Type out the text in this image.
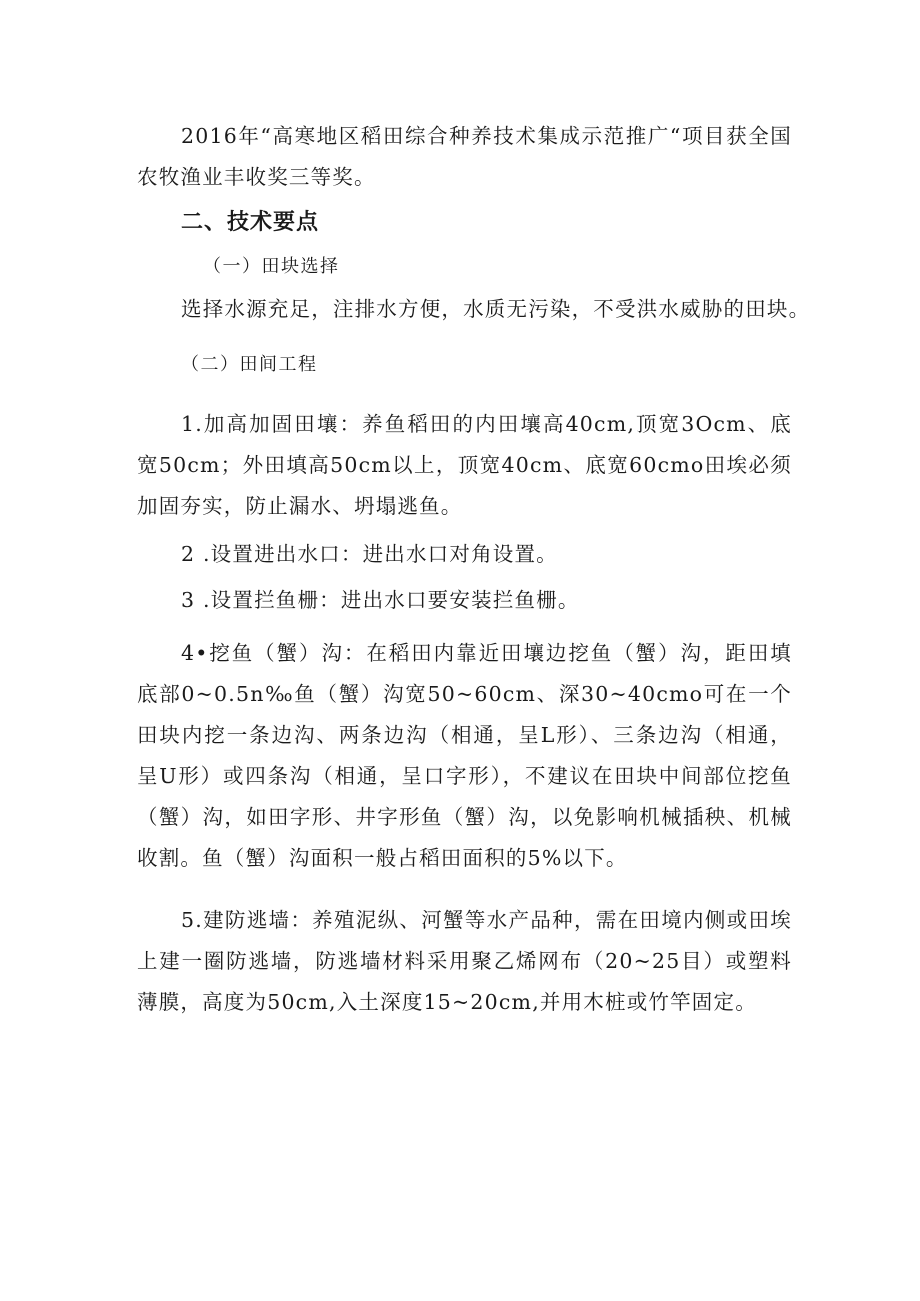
2016年“高寒地区稻田综合种养技术集成示范推广“项目获全国农牧渔业丰收奖三等奖。

二、技术要点
（一）田块选择
选择水源充足，注排水方便，水质无污染，不受洪水威胁的田块。
（二）田间工程

1.加高加固田壤：养鱼稻田的内田壤高40cm,顶宽3Ocm、底宽50cm；外田填高50cm以上，顶宽40cm、底宽60cmo田埃必须加固夯实，防止漏水、坍塌逃鱼。

2 .设置进出水口：进出水口对角设置。
3 .设置拦鱼栅：进出水口要安装拦鱼栅。

4•挖鱼（蟹）沟：在稻田内靠近田壤边挖鱼（蟹）沟，距田填底部0~0.5n‰鱼（蟹）沟宽50~60cm、深30~40cmo可在一个田块内挖一条边沟、两条边沟（相通，呈L形）、三条边沟（相通，呈U形）或四条沟（相通，呈口字形），不建议在田块中间部位挖鱼（蟹）沟，如田字形、井字形鱼（蟹）沟，以免影响机械插秧、机械收割。鱼（蟹）沟面积一般占稻田面积的5%以下。

5.建防逃墙：养殖泥纵、河蟹等水产品种，需在田境内侧或田埃上建一圈防逃墙，防逃墙材料采用聚乙烯网布（20~25目）或塑料薄膜，高度为50cm,入土深度15~20cm,并用木桩或竹竿固定。
